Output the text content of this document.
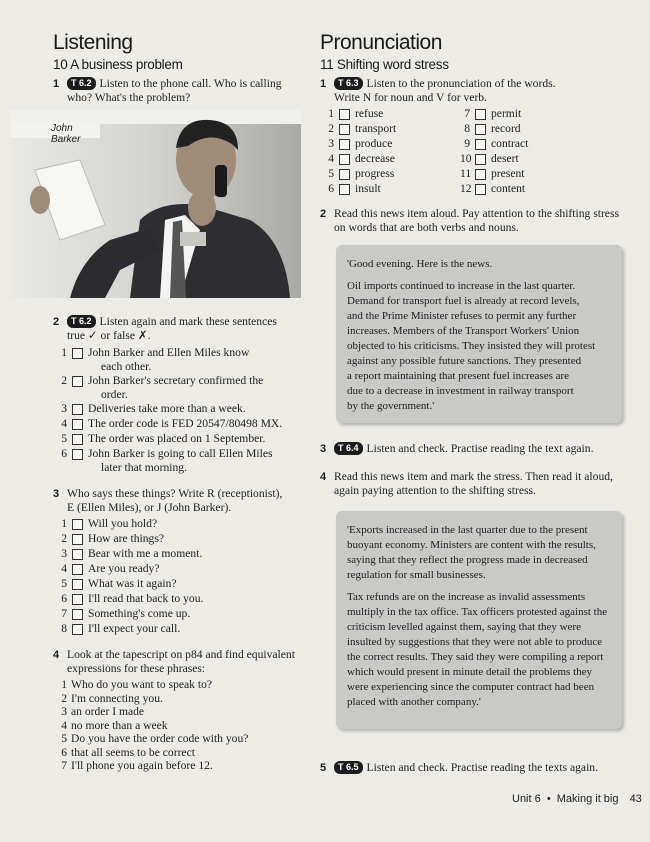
Listening
10 A business problem
1	T 6.2 Listen to the phone call. Who is calling
who? What's the problem?
John Barker
2	T 6.2 Listen again and mark these sentences
true ✓ or false ✗.
1 John Barker and Ellen Miles know
each other.
2 John Barker's secretary confirmed the
order.
3 Deliveries take more than a week.
4 The order code is FED 20547/80498 MX.
5 The order was placed on 1 September.
6 John Barker is going to call Ellen Miles
later that morning.
3 Who says these things? Write R (receptionist),
E (Ellen Miles), or J (John Barker).
1 Will you hold?
2 How are things?
3 Bear with me a moment.
4 Are you ready?
5 What was it again?
6 I'll read that back to you.
7 Something's come up.
8 I'll expect your call.
4 Look at the tapescript on p84 and find equivalent
expressions for these phrases:
1 Who do you want to speak to?
2 I'm connecting you.
3 an order I made
4 no more than a week
5 Do you have the order code with you?
6 that all seems to be correct
7 I'll phone you again before 12.
Pronunciation
11 Shifting word stress
1	T 6.3 Listen to the pronunciation of the words.
Write N for noun and V for verb.
1 refuse
2 transport
3 produce
4 decrease
5 progress
6 insult
7 permit
8 record
9 contract
10 desert
11 present
12 content
2 Read this news item aloud. Pay attention to the shifting stress
on words that are both verbs and nouns.

'Good evening. Here is the news.

Oil imports continued to increase in the last quarter.

Demand for transport fuel is already at record levels,

and the Prime Minister refuses to permit any further

increases. Members of the Transport Workers' Union

objected to his criticisms. They insisted they will protest

against any possible future sanctions. They presented

a report maintaining that present fuel increases are

due to a decrease in investment in railway transport

by the government.'

3	T 6.4 Listen and check. Practise reading the text again.
4 Read this news item and mark the stress. Then read it aloud,
again paying attention to the shifting stress.

'Exports increased in the last quarter due to the present

buoyant economy. Ministers are content with the results,

saying that they reflect the progress made in decreased

regulation for small businesses.

Tax refunds are on the increase as invalid assessments

multiply in the tax office. Tax officers protested against the

criticism levelled against them, saying that they were

insulted by suggestions that they were not able to produce

the correct results. They said they were compiling a report

which would present in minute detail the problems they

were experiencing since the computer contract had been

placed with another company.'

5	T 6.5 Listen and check. Practise reading the texts again.
Unit 6 • Making it big 43
